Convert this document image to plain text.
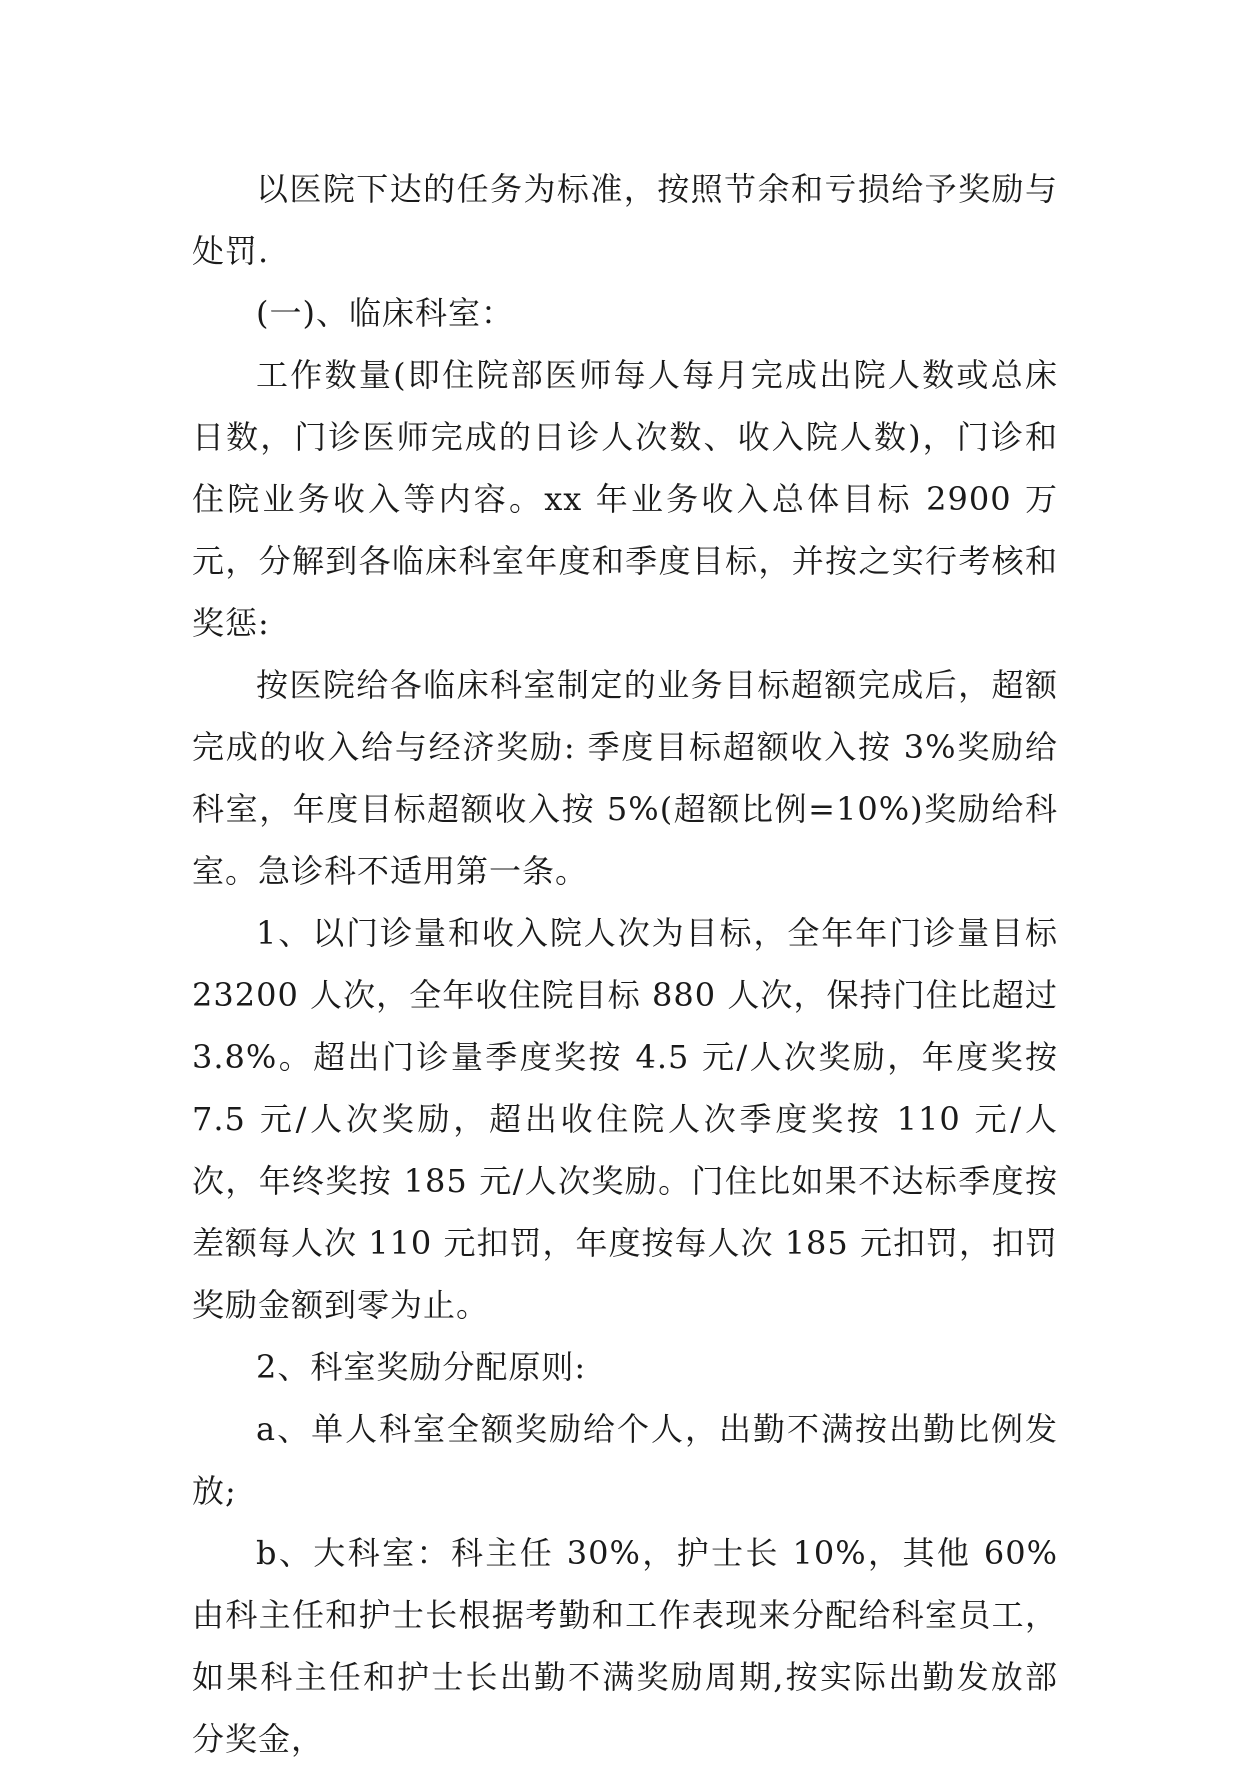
以医院下达的任务为标准，按照节余和亏损给予奖励与处罚.

(一)、临床科室：

工作数量(即住院部医师每人每月完成出院人数或总床日数，门诊医师完成的日诊人次数、收入院人数)，门诊和住院业务收入等内容。xx 年业务收入总体目标 2900 万元，分解到各临床科室年度和季度目标，并按之实行考核和奖惩:

按医院给各临床科室制定的业务目标超额完成后，超额完成的收入给与经济奖励: 季度目标超额收入按 3%奖励给科室，年度目标超额收入按 5%(超额比例=10%)奖励给科室。急诊科不适用第一条。

1、以门诊量和收入院人次为目标，全年年门诊量目标 23200 人次，全年收住院目标 880 人次，保持门住比超过 3.8%。超出门诊量季度奖按 4.5 元/人次奖励，年度奖按 7.5 元/人次奖励，超出收住院人次季度奖按 110 元/人次，年终奖按 185 元/人次奖励。门住比如果不达标季度按差额每人次 110 元扣罚，年度按每人次 185 元扣罚，扣罚奖励金额到零为止。

2、科室奖励分配原则:

a、单人科室全额奖励给个人，出勤不满按出勤比例发放;

b、大科室：科主任 30%，护士长 10%，其他 60%由科主任和护士长根据考勤和工作表现来分配给科室员工，如果科主任和护士长出勤不满奖励周期,按实际出勤发放部分奖金，
